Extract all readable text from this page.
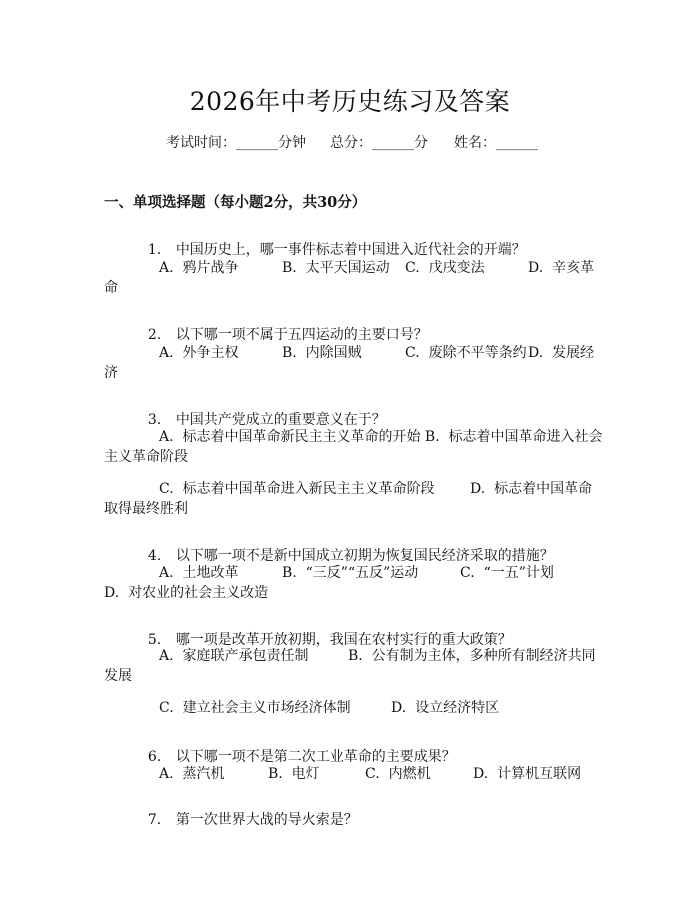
2026年中考历史练习及答案
考试时间：______分钟 总分：______分 姓名：______
一、单项选择题（每小题2分，共30分）

1. 中国历史上，哪一事件标志着中国进入近代社会的开端？

A.  鸦片战争	B.  太平天国运动 C.  戊戌变法	D.  辛亥革
命

2. 以下哪一项不属于五四运动的主要口号？

A.  外争主权	B.  内除国贼	C.  废除不平等条约 D.  发展经
济

3. 中国共产党成立的重要意义在于？

A.  标志着中国革命新民主主义革命的开始 B.  标志着中国革命进入社会
主义革命阶段
C.  标志着中国革命进入新民主主义革命阶段	D.  标志着中国革命
取得最终胜利

4. 以下哪一项不是新中国成立初期为恢复国民经济采取的措施？

A.  土地改革	B.  “三反”“五反”运动	C.  “一五”计划
D.  对农业的社会主义改造

5. 哪一项是改革开放初期，我国在农村实行的重大政策？

A.  家庭联产承包责任制	B.  公有制为主体，多种所有制经济共同
发展
C.  建立社会主义市场经济体制	D.  设立经济特区

6. 以下哪一项不是第二次工业革命的主要成果？

A.  蒸汽机	B.  电灯	C.  内燃机	D.  计算机互联网

7. 第一次世界大战的导火索是？
